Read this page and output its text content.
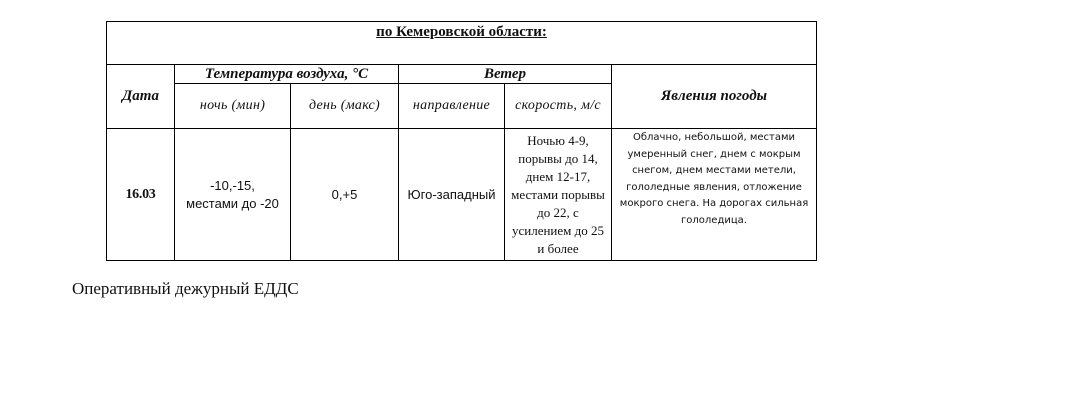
по Кемеровской области:					
Дата	Температура воздуха, °С		Ветер		Явления погоды
	ночь (мин)	день (макс)	направление	скорость, м/с	
16.03	-10,-15, местами до -20	0,+5	Юго-западный	Ночью 4-9, порывы до 14, днем 12-17, местами порывы до 22, с усилением до 25 и более	Облачно, небольшой, местами умеренный снег, днем с мокрым снегом, днем местами метели, гололедные явления, отложение мокрого снега. На дорогах сильная гололедица.
Оперативный дежурный ЕДДС
